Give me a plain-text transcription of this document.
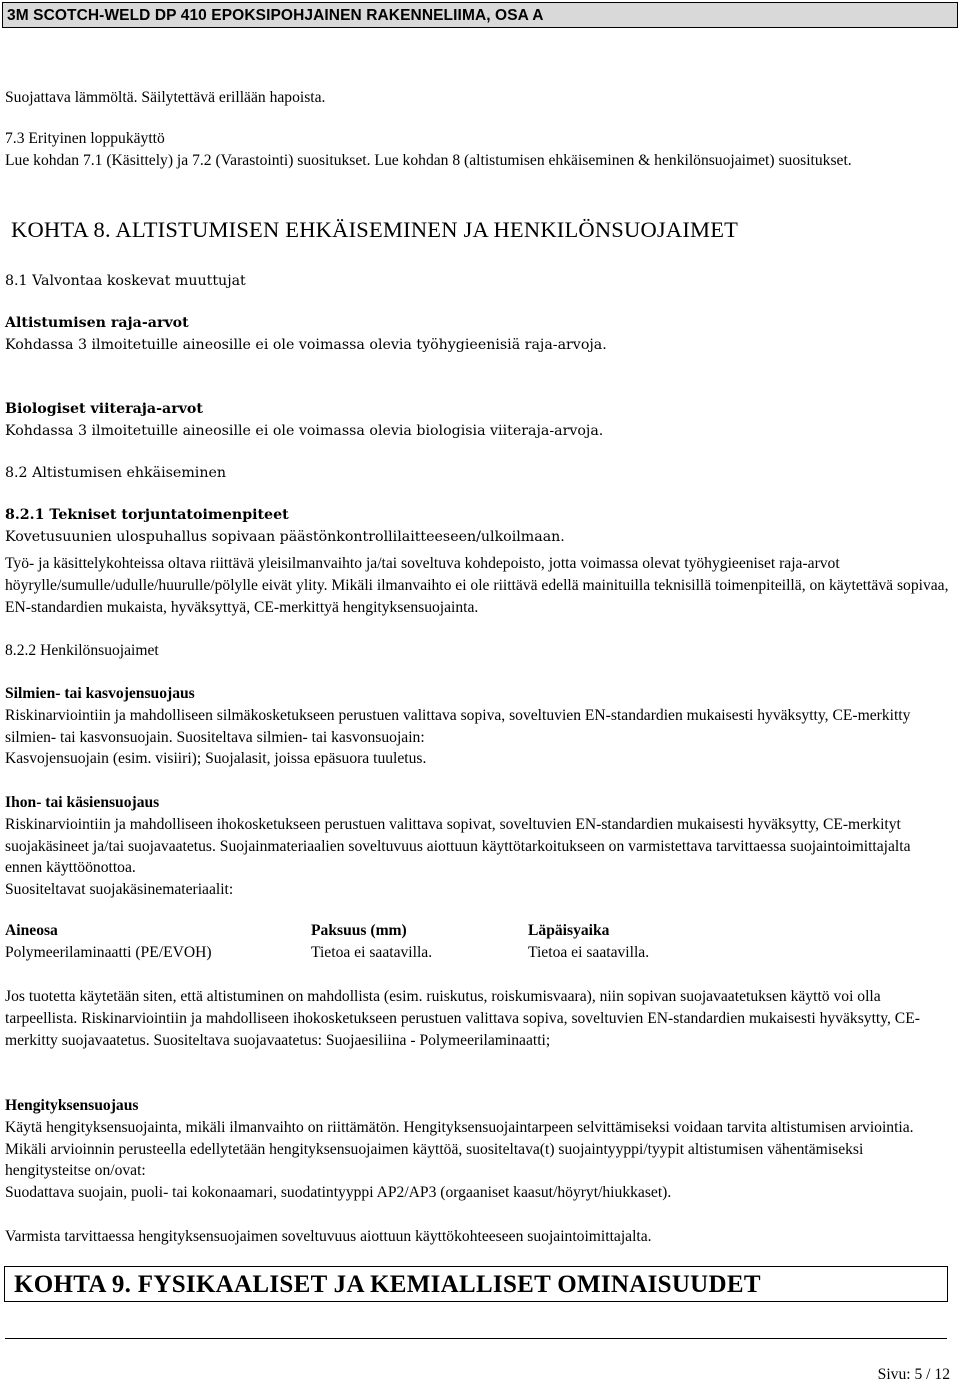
3M SCOTCH-WELD DP 410 EPOKSIPOHJAINEN RAKENNELIIMA, OSA A

Suojattava lämmöltä. Säilytettävä erillään hapoista.

7.3 Erityinen loppukäyttö

Lue kohdan 7.1 (Käsittely) ja 7.2 (Varastointi) suositukset. Lue kohdan 8 (altistumisen ehkäiseminen & henkilönsuojaimet) suositukset.

KOHTA 8. ALTISTUMISEN EHKÄISEMINEN JA HENKILÖNSUOJAIMET

8.1 Valvontaa koskevat muuttujat

Altistumisen raja-arvot

Kohdassa 3 ilmoitetuille aineosille ei ole voimassa olevia työhygieenisiä raja-arvoja.

Biologiset viiteraja-arvot

Kohdassa 3 ilmoitetuille aineosille ei ole voimassa olevia biologisia viiteraja-arvoja.

8.2 Altistumisen ehkäiseminen

8.2.1 Tekniset torjuntatoimenpiteet

Kovetusuunien ulospuhallus sopivaan päästönkontrollilaitteeseen/ulkoilmaan.

Työ- ja käsittelykohteissa oltava riittävä yleisilmanvaihto ja/tai soveltuva kohdepoisto, jotta voimassa olevat työhygieeniset raja-arvot höyrylle/sumulle/udulle/huurulle/pölylle eivät ylity. Mikäli ilmanvaihto ei ole riittävä edellä mainituilla teknisillä toimenpiteillä, on käytettävä sopivaa, EN-standardien mukaista, hyväksyttyä, CE-merkittyä hengityksensuojainta.

8.2.2 Henkilönsuojaimet

Silmien- tai kasvojensuojaus

Riskinarviointiin ja mahdolliseen silmäkosketukseen perustuen valittava sopiva, soveltuvien EN-standardien mukaisesti hyväksytty, CE-merkitty silmien- tai kasvonsuojain. Suositeltava silmien- tai kasvonsuojain:

Kasvojensuojain (esim. visiiri); Suojalasit, joissa epäsuora tuuletus.

Ihon- tai käsiensuojaus

Riskinarviointiin ja mahdolliseen ihokosketukseen perustuen valittava sopivat, soveltuvien EN-standardien mukaisesti hyväksytty, CE-merkityt suojakäsineet ja/tai suojavaatetus. Suojainmateriaalien soveltuvuus aiottuun käyttötarkoitukseen on varmistettava tarvittaessa suojaintoimittajalta ennen käyttöönottoa.

Suositeltavat suojakäsinemateriaalit:

Aineosa	Paksuus (mm)	Läpäisyaika
Polymeerilaminaatti (PE/EVOH)	Tietoa ei saatavilla.	Tietoa ei saatavilla.

Jos tuotetta käytetään siten, että altistuminen on mahdollista (esim. ruiskutus, roiskumisvaara), niin sopivan suojavaatetuksen käyttö voi olla tarpeellista. Riskinarviointiin ja mahdolliseen ihokosketukseen perustuen valittava sopiva, soveltuvien EN-standardien mukaisesti hyväksytty, CE-merkitty suojavaatetus. Suositeltava suojavaatetus: Suojaesiliina - Polymeerilaminaatti;

Hengityksensuojaus

Käytä hengityksensuojainta, mikäli ilmanvaihto on riittämätön. Hengityksensuojaintarpeen selvittämiseksi voidaan tarvita altistumisen arviointia. Mikäli arvioinnin perusteella edellytetään hengityksensuojaimen käyttöä, suositeltava(t) suojaintyyppi/tyypit altistumisen vähentämiseksi hengitysteitse on/ovat:

Suodattava suojain, puoli- tai kokonaamari, suodatintyyppi AP2/AP3 (orgaaniset kaasut/höyryt/hiukkaset).

Varmista tarvittaessa hengityksensuojaimen soveltuvuus aiottuun käyttökohteeseen suojaintoimittajalta.

KOHTA 9. FYSIKAALISET JA KEMIALLISET OMINAISUUDET
Sivu: 5 / 12
